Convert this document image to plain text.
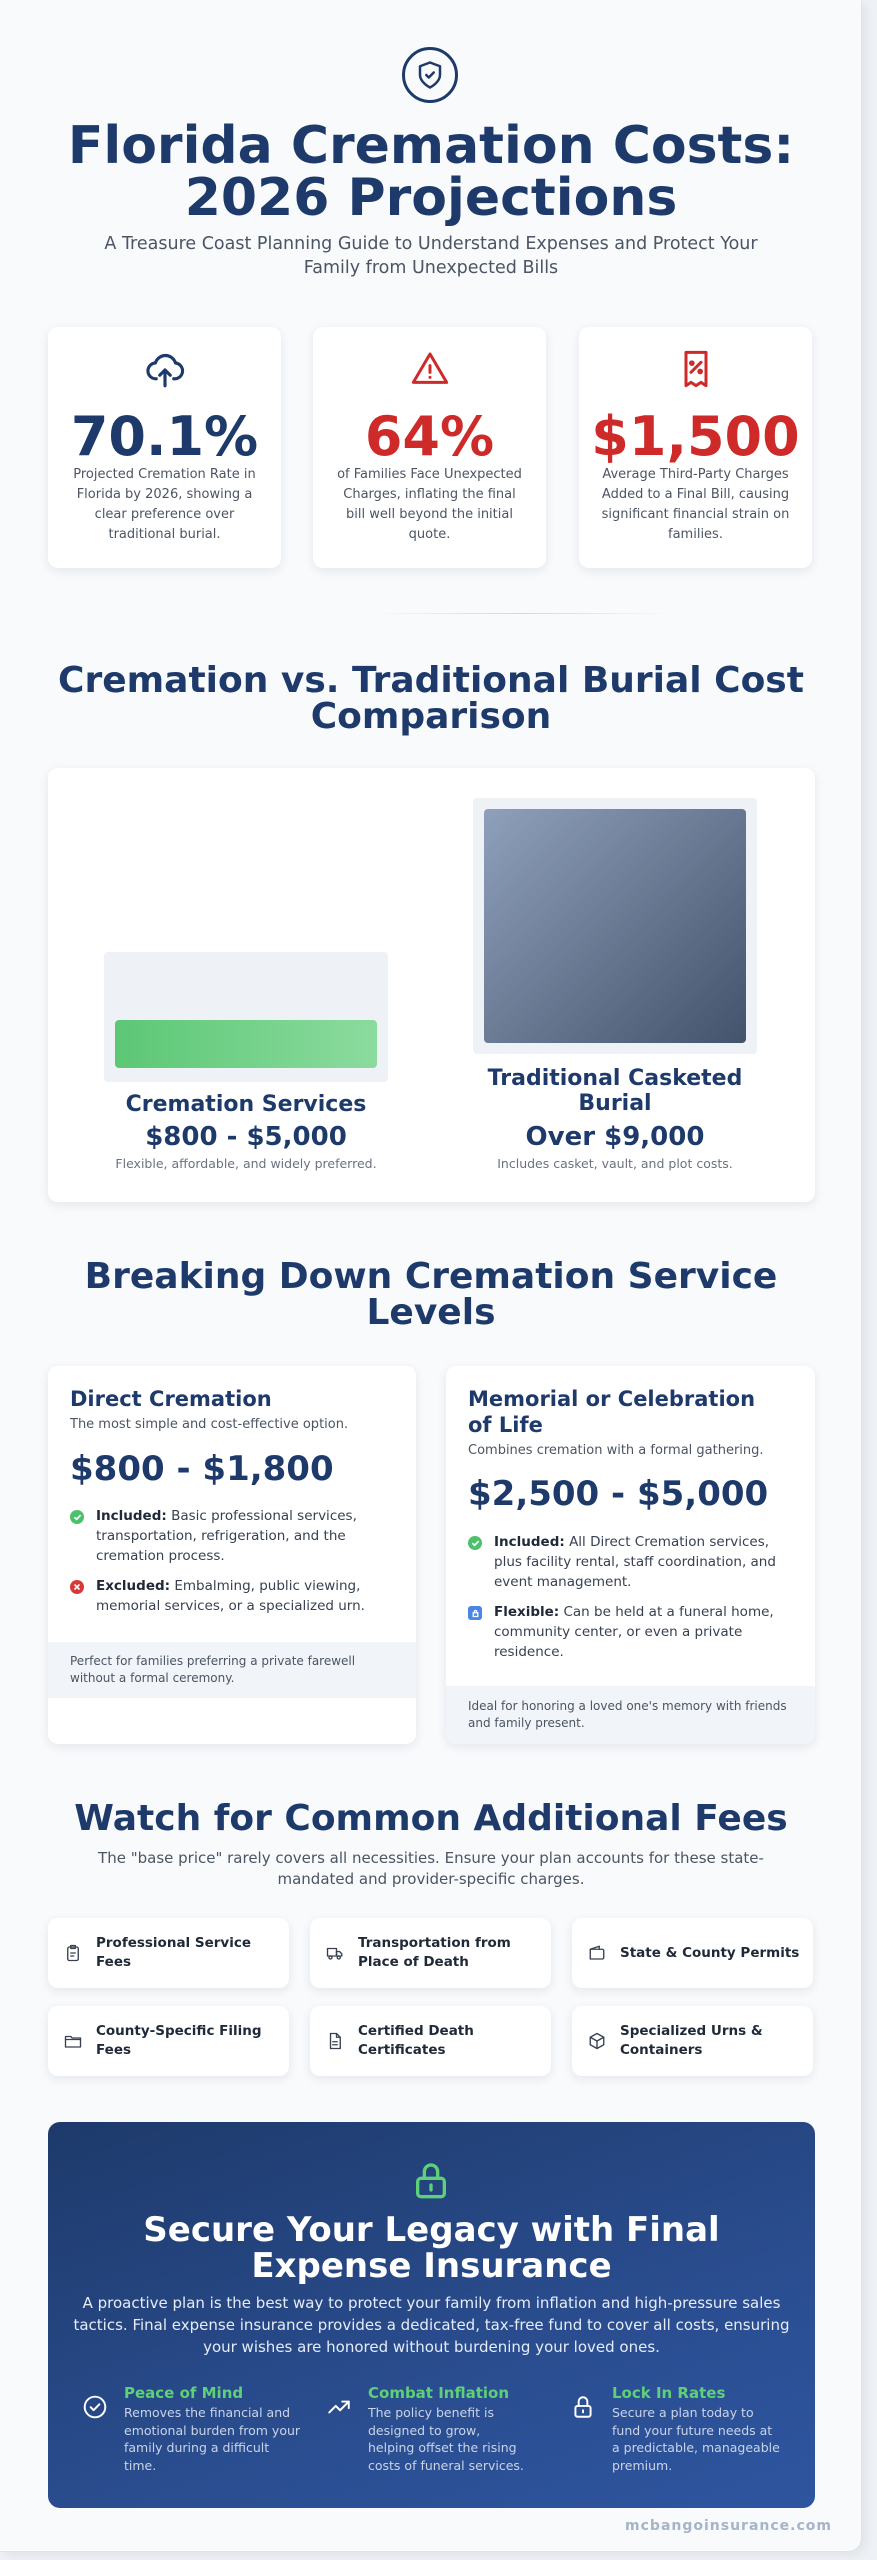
Florida Cremation Costs:
2026 Projections
A Treasure Coast Planning Guide to Understand Expenses and Protect Your
Family from Unexpected Bills
70.1%
Projected Cremation Rate in Florida by 2026, showing a clear preference over traditional burial.
64%
of Families Face Unexpected Charges, inflating the final bill well beyond the initial quote.
$1,500
Average Third-Party Charges Added to a Final Bill, causing significant financial strain on families.
Cremation vs. Traditional Burial Cost
Comparison
Cremation Services
$800 - $5,000
Flexible, affordable, and widely preferred.
Traditional Casketed
Burial
Over $9,000
Includes casket, vault, and plot costs.
Breaking Down Cremation Service
Levels
Direct Cremation
The most simple and cost-effective option.
$800 - $1,800
Included: Basic professional services, transportation, refrigeration, and the cremation process.
Excluded: Embalming, public viewing, memorial services, or a specialized urn.
Perfect for families preferring a private farewell without a formal ceremony.
Memorial or Celebration
of Life
Combines cremation with a formal gathering.
$2,500 - $5,000
Included: All Direct Cremation services, plus facility rental, staff coordination, and event management.
Flexible: Can be held at a funeral home, community center, or even a private residence.
Ideal for honoring a loved one's memory with friends and family present.
Watch for Common Additional Fees
The "base price" rarely covers all necessities. Ensure your plan accounts for these state-
mandated and provider-specific charges.
Professional Service
Fees
Transportation from
Place of Death
State & County Permits
County-Specific Filing
Fees
Certified Death
Certificates
Specialized Urns &
Containers
Secure Your Legacy with Final
Expense Insurance
A proactive plan is the best way to protect your family from inflation and high-pressure sales
tactics. Final expense insurance provides a dedicated, tax-free fund to cover all costs, ensuring
your wishes are honored without burdening your loved ones.
Peace of Mind
Removes the financial and emotional burden from your family during a difficult time.
Combat Inflation
The policy benefit is designed to grow, helping offset the rising costs of funeral services.
Lock In Rates
Secure a plan today to fund your future needs at a predictable, manageable premium.
mcbangoinsurance.com
